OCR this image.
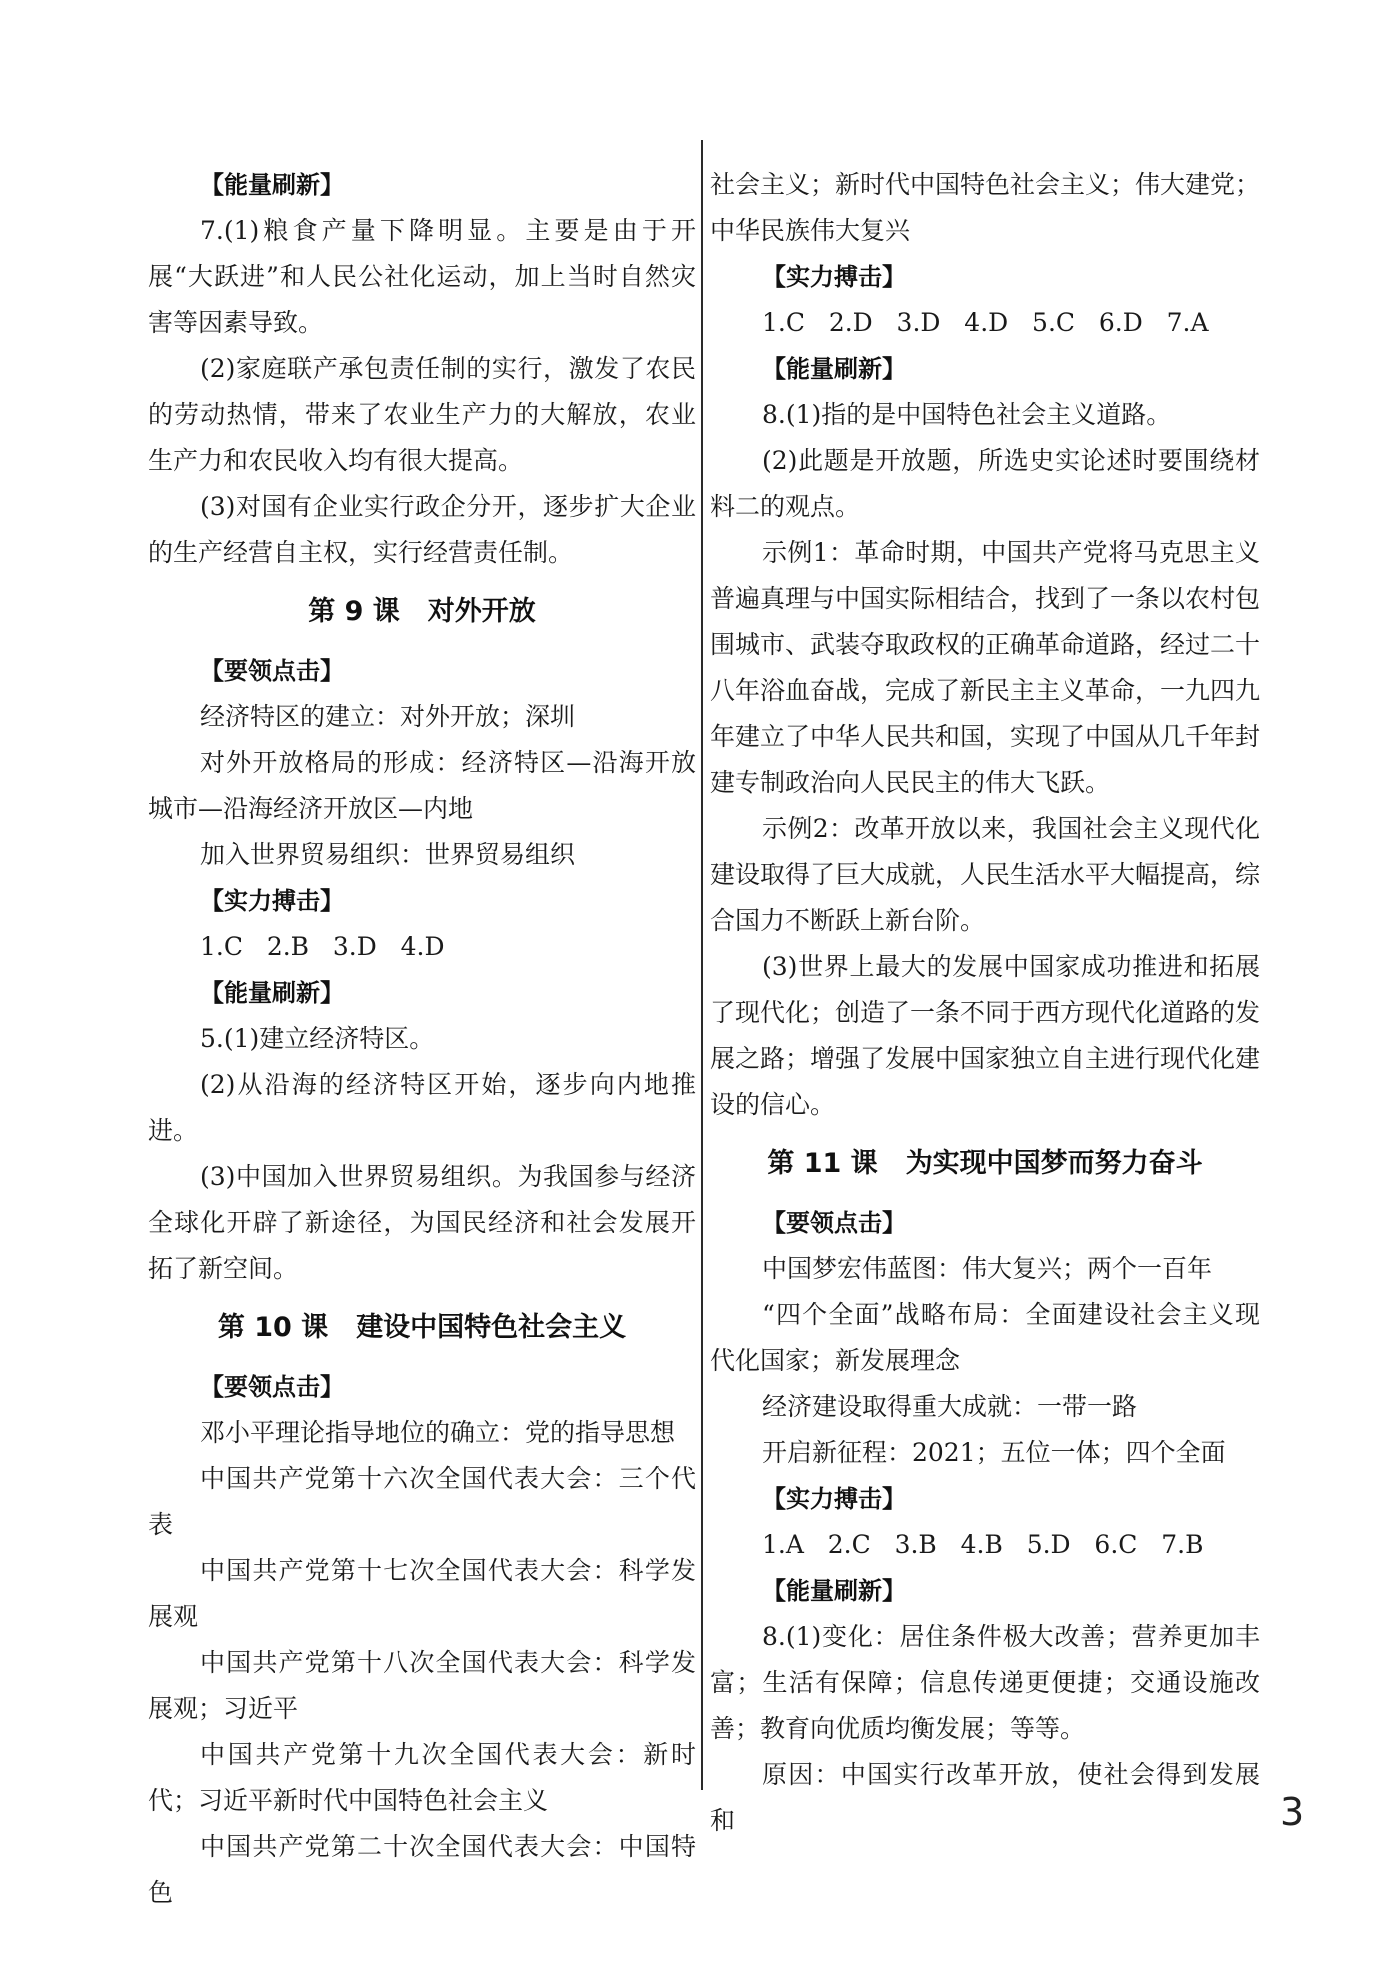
【能量刷新】
7.(1)粮食产量下降明显。主要是由于开展“大跃进”和人民公社化运动，加上当时自然灾害等因素导致。
(2)家庭联产承包责任制的实行，激发了农民的劳动热情，带来了农业生产力的大解放，农业生产力和农民收入均有很大提高。
(3)对国有企业实行政企分开，逐步扩大企业的生产经营自主权，实行经营责任制。
第 9 课 对外开放
【要领点击】
经济特区的建立：对外开放；深圳
对外开放格局的形成：经济特区—沿海开放城市—沿海经济开放区—内地
加入世界贸易组织：世界贸易组织
【实力搏击】
1.C   2.B   3.D   4.D
【能量刷新】
5.(1)建立经济特区。
(2)从沿海的经济特区开始，逐步向内地推进。
(3)中国加入世界贸易组织。为我国参与经济全球化开辟了新途径，为国民经济和社会发展开拓了新空间。
第 10 课 建设中国特色社会主义
【要领点击】
邓小平理论指导地位的确立：党的指导思想
中国共产党第十六次全国代表大会：三个代表
中国共产党第十七次全国代表大会：科学发展观
中国共产党第十八次全国代表大会：科学发展观；习近平
中国共产党第十九次全国代表大会：新时代；习近平新时代中国特色社会主义
中国共产党第二十次全国代表大会：中国特色
社会主义；新时代中国特色社会主义；伟大建党；中华民族伟大复兴
【实力搏击】
1.C   2.D   3.D   4.D   5.C   6.D   7.A
【能量刷新】
8.(1)指的是中国特色社会主义道路。
(2)此题是开放题，所选史实论述时要围绕材料二的观点。
示例1：革命时期，中国共产党将马克思主义普遍真理与中国实际相结合，找到了一条以农村包围城市、武装夺取政权的正确革命道路，经过二十八年浴血奋战，完成了新民主主义革命，一九四九年建立了中华人民共和国，实现了中国从几千年封建专制政治向人民民主的伟大飞跃。
示例2：改革开放以来，我国社会主义现代化建设取得了巨大成就，人民生活水平大幅提高，综合国力不断跃上新台阶。
(3)世界上最大的发展中国家成功推进和拓展了现代化；创造了一条不同于西方现代化道路的发展之路；增强了发展中国家独立自主进行现代化建设的信心。
第 11 课 为实现中国梦而努力奋斗
【要领点击】
中国梦宏伟蓝图：伟大复兴；两个一百年
“四个全面”战略布局：全面建设社会主义现代化国家；新发展理念
经济建设取得重大成就：一带一路
开启新征程：2021；五位一体；四个全面
【实力搏击】
1.A   2.C   3.B   4.B   5.D   6.C   7.B
【能量刷新】
8.(1)变化：居住条件极大改善；营养更加丰富；生活有保障；信息传递更便捷；交通设施改善；教育向优质均衡发展；等等。
原因：中国实行改革开放，使社会得到发展和	3
